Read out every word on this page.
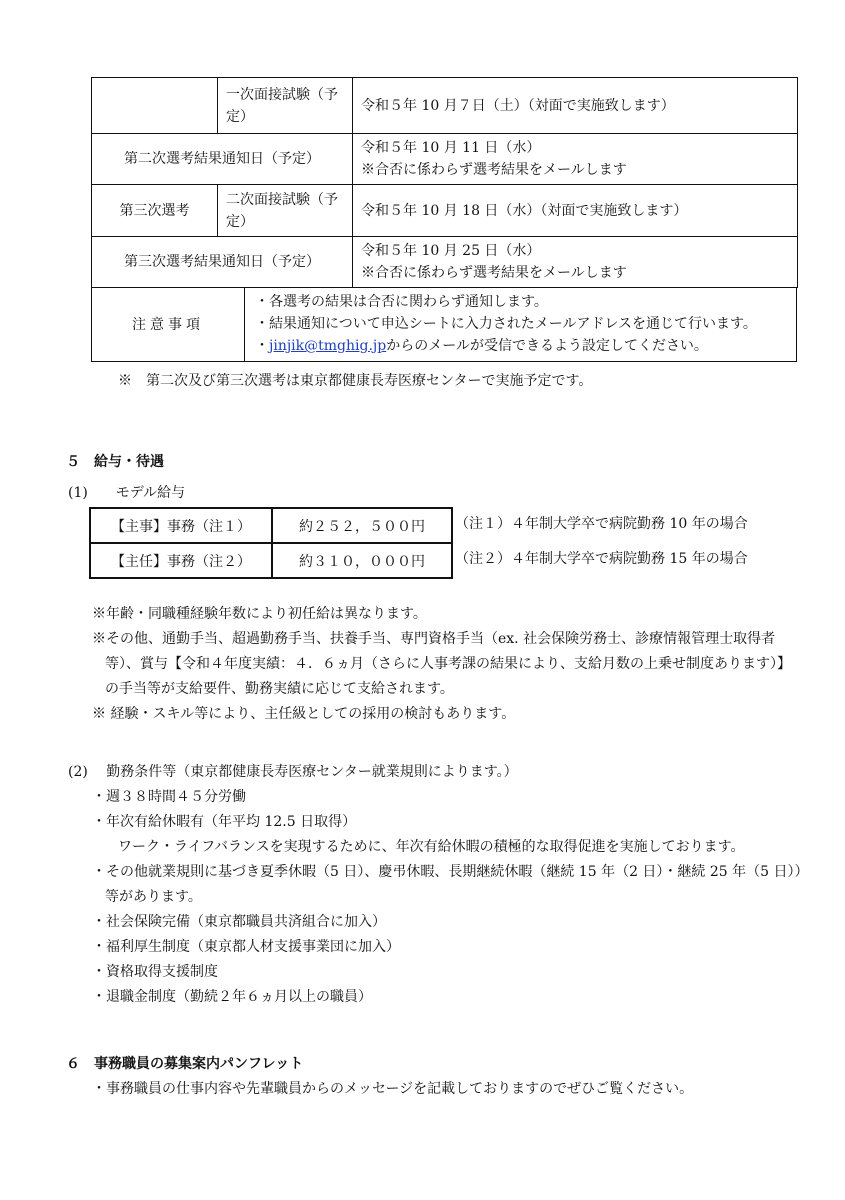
	一次面接試験（予定）	令和５年 10 月７日（土）（対面で実施致します）
第二次選考結果通知日（予定）		令和５年 10 月 11 日（水）
※合否に係わらず選考結果をメールします

第三次選考	二次面接試験（予定）	令和５年 10 月 18 日（水）（対面で実施致します）
第三次選考結果通知日（予定）		令和５年 10 月 25 日（水）
※合否に係わらず選考結果をメールします
注意事項
・各選考の結果は合否に関わらず通知します。
・結果通知について申込シートに入力されたメールアドレスを通じて行います。
・jinjik@tmghig.jpからのメールが受信できるよう設定してください。
※　第二次及び第三次選考は東京都健康長寿医療センターで実施予定です。
５　給与・待遇
(1)　　モデル給与
【主事】事務（注１）	約２５２，５００円
【主任】事務（注２）	約３１０，０００円
（注１）４年制大学卒で病院勤務 10 年の場合
（注２）４年制大学卒で病院勤務 15 年の場合
※年齢・同職種経験年数により初任給は異なります。
※その他、通勤手当、超過勤務手当、扶養手当、専門資格手当（ex. 社会保険労務士、診療情報管理士取得者
等）、賞与【令和４年度実績：４．６ヵ月（さらに人事考課の結果により、支給月数の上乗せ制度あります）】
の手当等が支給要件、勤務実績に応じて支給されます。
※ 経験・スキル等により、主任級としての採用の検討もあります。
(2)　 勤務条件等（東京都健康長寿医療センター就業規則によります。）
・週３８時間４５分労働
・年次有給休暇有（年平均 12.5 日取得）
ワーク・ライフバランスを実現するために、年次有給休暇の積極的な取得促進を実施しております。
・その他就業規則に基づき夏季休暇（5 日）、慶弔休暇、長期継続休暇（継続 15 年（2 日）・継続 25 年（5 日））
等があります。
・社会保険完備（東京都職員共済組合に加入）
・福利厚生制度（東京都人材支援事業団に加入）
・資格取得支援制度
・退職金制度（勤続２年６ヵ月以上の職員）
６　事務職員の募集案内パンフレット
・事務職員の仕事内容や先輩職員からのメッセージを記載しておりますのでぜひご覧ください。
